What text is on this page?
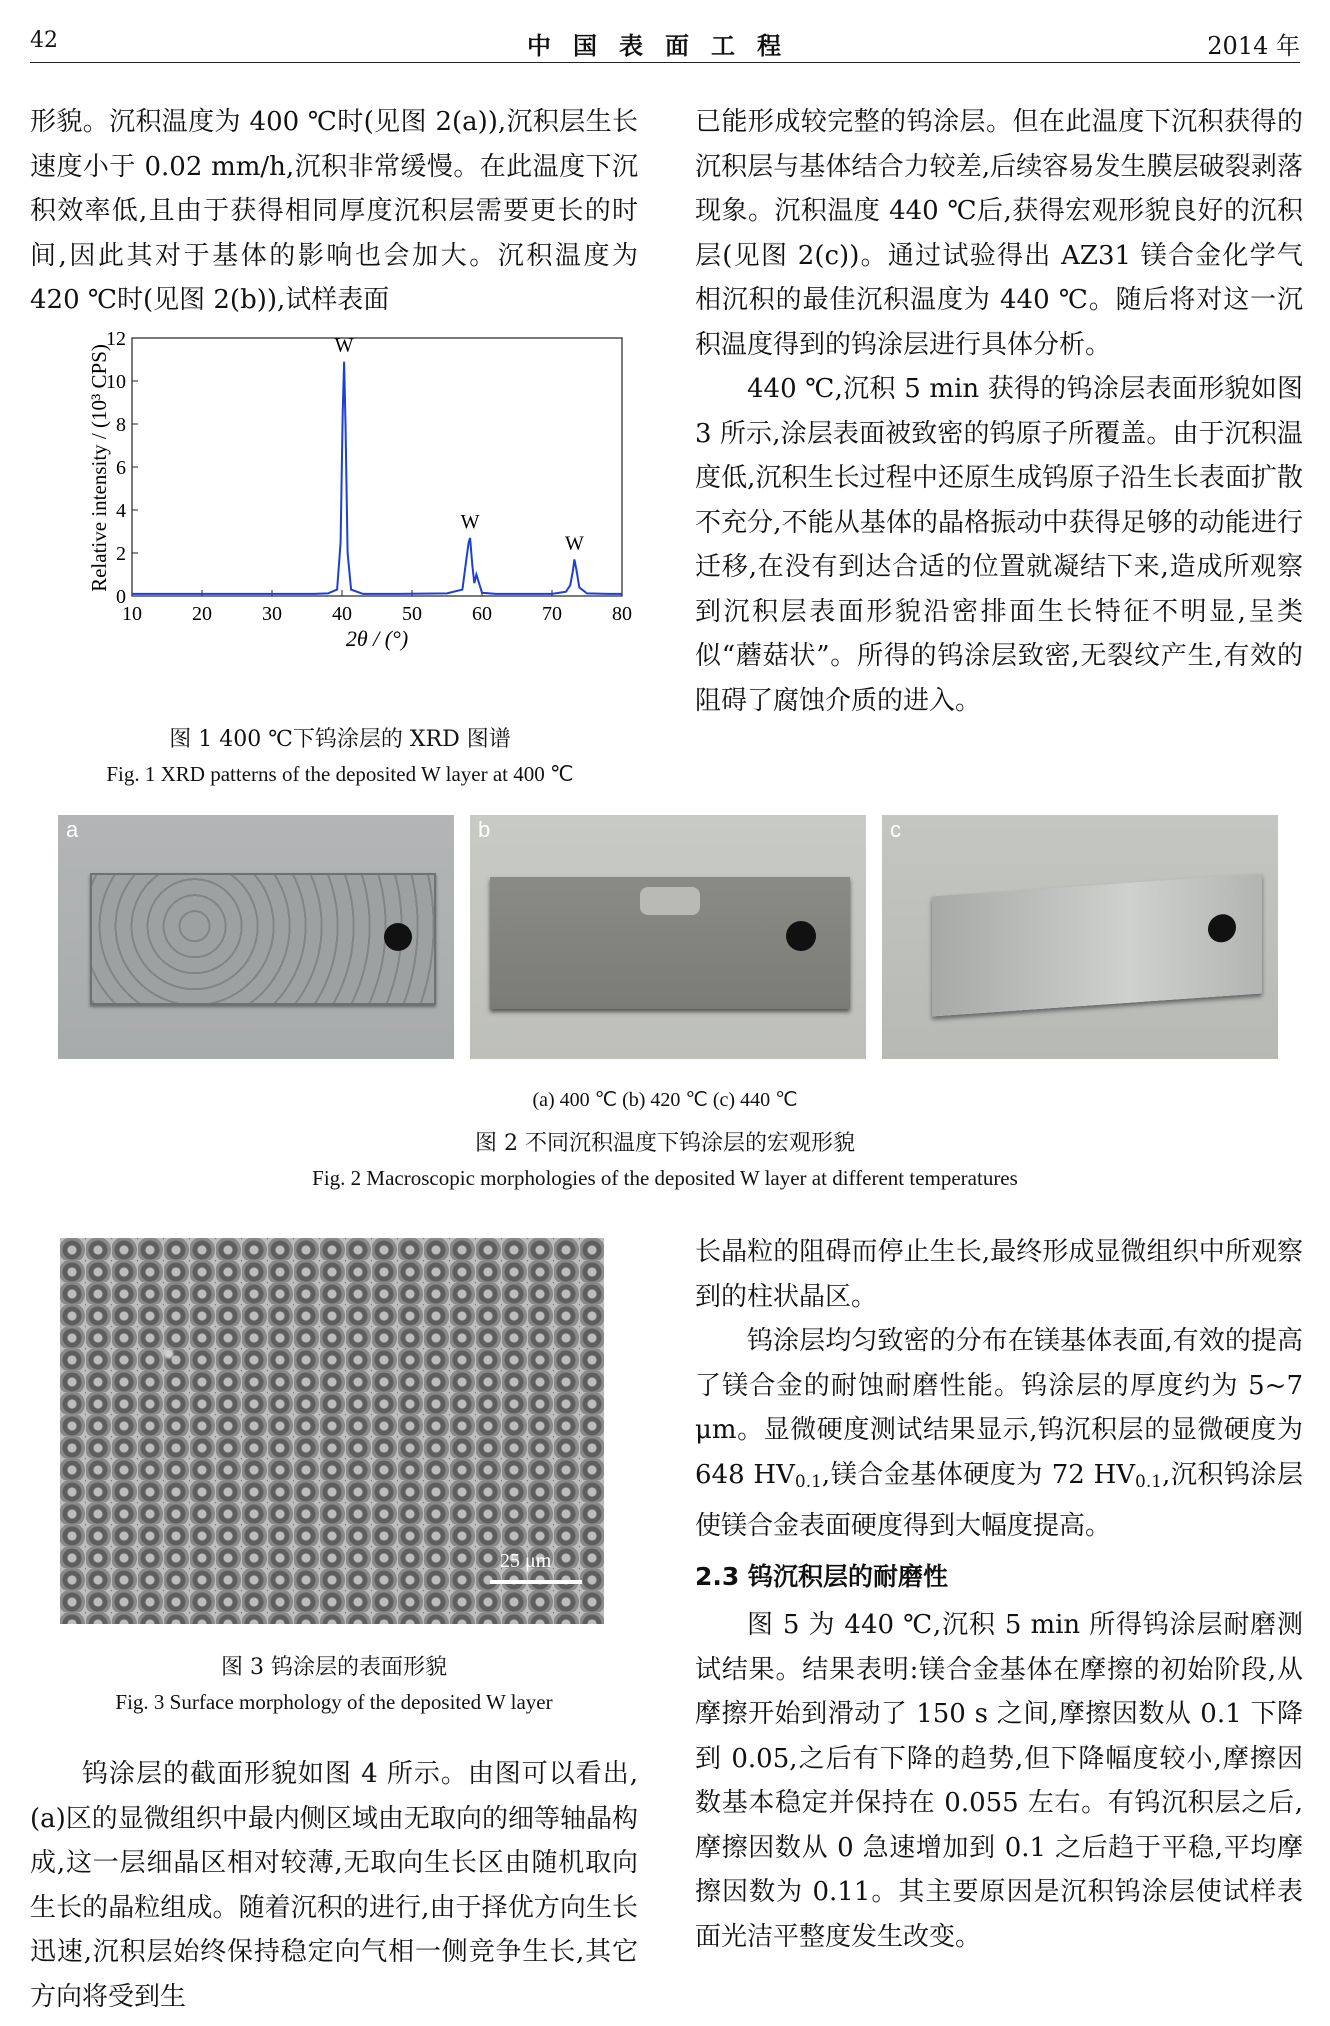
42	中国表面工程	2014 年

形貌。沉积温度为 400 ℃时(见图 2(a)),沉积层生长速度小于 0.02 mm/h,沉积非常缓慢。在此温度下沉积效率低,且由于获得相同厚度沉积层需要更长的时间,因此其对于基体的影响也会加大。沉积温度为 420 ℃时(见图 2(b)),试样表面

0
2
4
6
8
10
12
10	20	30	40	50	60	70	80
W
W
W
Relative intensity / (10³ CPS)
2θ / (°)
图 1 400 ℃下钨涂层的 XRD 图谱
Fig. 1 XRD patterns of the deposited W layer at 400 ℃

已能形成较完整的钨涂层。但在此温度下沉积获得的沉积层与基体结合力较差,后续容易发生膜层破裂剥落现象。沉积温度 440 ℃后,获得宏观形貌良好的沉积层(见图 2(c))。通过试验得出 AZ31 镁合金化学气相沉积的最佳沉积温度为 440 ℃。随后将对这一沉积温度得到的钨涂层进行具体分析。

440 ℃,沉积 5 min 获得的钨涂层表面形貌如图 3 所示,涂层表面被致密的钨原子所覆盖。由于沉积温度低,沉积生长过程中还原生成钨原子沿生长表面扩散不充分,不能从基体的晶格振动中获得足够的动能进行迁移,在没有到达合适的位置就凝结下来,造成所观察到沉积层表面形貌沿密排面生长特征不明显,呈类似“蘑菇状”。所得的钨涂层致密,无裂纹产生,有效的阻碍了腐蚀介质的进入。

a	b	c
(a) 400 ℃ (b) 420 ℃ (c) 440 ℃
图 2 不同沉积温度下钨涂层的宏观形貌
Fig. 2 Macroscopic morphologies of the deposited W layer at different temperatures
25 μm
图 3 钨涂层的表面形貌
Fig. 3 Surface morphology of the deposited W layer

钨涂层的截面形貌如图 4 所示。由图可以看出,(a)区的显微组织中最内侧区域由无取向的细等轴晶构成,这一层细晶区相对较薄,无取向生长区由随机取向生长的晶粒组成。随着沉积的进行,由于择优方向生长迅速,沉积层始终保持稳定向气相一侧竞争生长,其它方向将受到生

长晶粒的阻碍而停止生长,最终形成显微组织中所观察到的柱状晶区。

钨涂层均匀致密的分布在镁基体表面,有效的提高了镁合金的耐蚀耐磨性能。钨涂层的厚度约为 5~7 μm。显微硬度测试结果显示,钨沉积层的显微硬度为 648 $HV_{0.1}$,镁合金基体硬度为 72 $HV_{0.1}$,沉积钨涂层使镁合金表面硬度得到大幅度提高。

2.3 钨沉积层的耐磨性

图 5 为 440 ℃,沉积 5 min 所得钨涂层耐磨测试结果。结果表明:镁合金基体在摩擦的初始阶段,从摩擦开始到滑动了 150 s 之间,摩擦因数从 0.1 下降到 0.05,之后有下降的趋势,但下降幅度较小,摩擦因数基本稳定并保持在 0.055 左右。有钨沉积层之后,摩擦因数从 0 急速增加到 0.1 之后趋于平稳,平均摩擦因数为 0.11。其主要原因是沉积钨涂层使试样表面光洁平整度发生改变。
